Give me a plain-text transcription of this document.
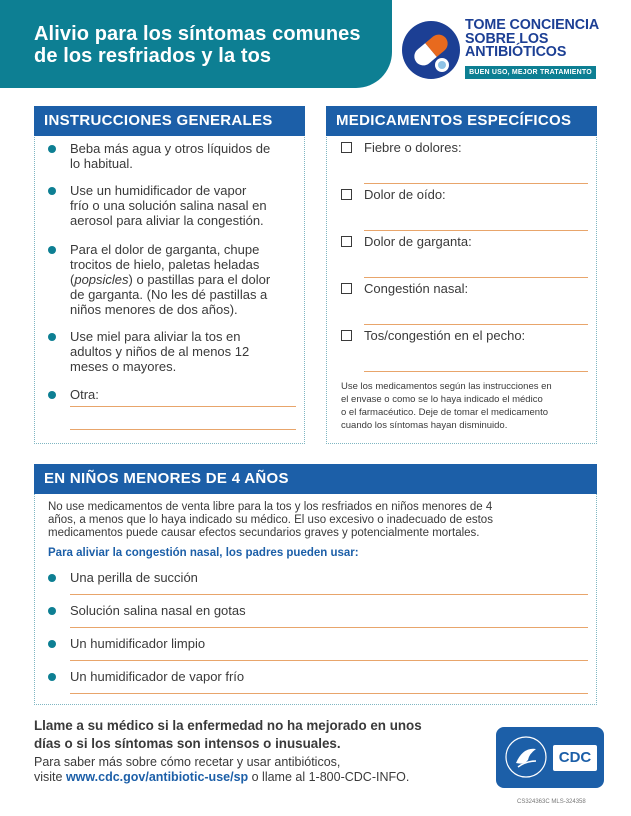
Alivio para los síntomas comunes
de los resfriados y la tos
TOME CONCIENCIA
SOBRE LOS
ANTIBIÓTICOS
BUEN USO, MEJOR TRATAMIENTO
INSTRUCCIONES GENERALES
Beba más agua y otros líquidos de
lo habitual.
Use un humidificador de vapor
frío o una solución salina nasal en
aerosol para aliviar la congestión.
Para el dolor de garganta, chupe
trocitos de hielo, paletas heladas
(popsicles) o pastillas para el dolor
de garganta. (No les dé pastillas a
niños menores de dos años).
Use miel para aliviar la tos en
adultos y niños de al menos 12
meses o mayores.
Otra:
MEDICAMENTOS ESPECÍFICOS
Fiebre o dolores:
Dolor de oído:
Dolor de garganta:
Congestión nasal:
Tos/congestión en el pecho:
Use los medicamentos según las instrucciones en
el envase o como se lo haya indicado el médico
o el farmacéutico. Deje de tomar el medicamento
cuando los síntomas hayan disminuido.
EN NIÑOS MENORES DE 4 AÑOS
No use medicamentos de venta libre para la tos y los resfriados en niños menores de 4
años, a menos que lo haya indicado su médico. El uso excesivo o inadecuado de estos
medicamentos puede causar efectos secundarios graves y potencialmente mortales.
Para aliviar la congestión nasal, los padres pueden usar:
Una perilla de succión
Solución salina nasal en gotas
Un humidificador limpio
Un humidificador de vapor frío
Llame a su médico si la enfermedad no ha mejorado en unos
días o si los síntomas son intensos o inusuales.
Para saber más sobre cómo recetar y usar antibióticos,
visite www.cdc.gov/antibiotic-use/sp o llame al 1-800-CDC-INFO.
CDC
CS324363C MLS-324358
